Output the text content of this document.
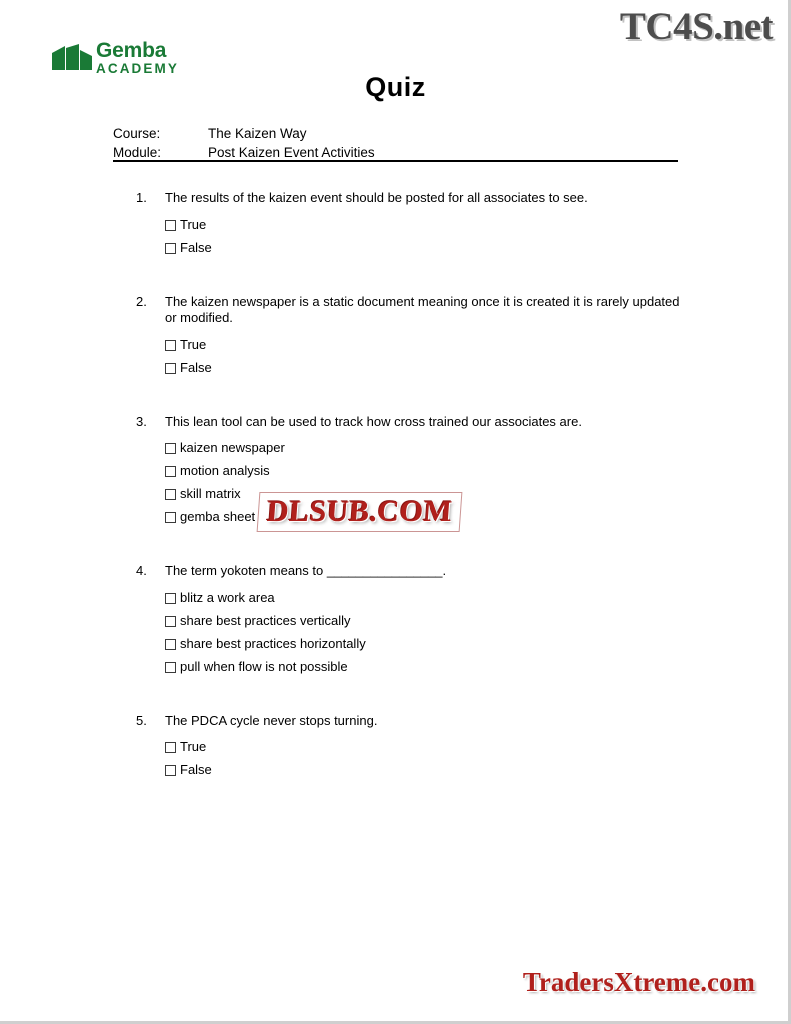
TC4S.net
Gemba
ACADEMY
Quiz
Course:	The Kaizen Way
Module:	Post Kaizen Event Activities
1. The results of the kaizen event should be posted for all associates to see.
True
False
2. The kaizen newspaper is a static document meaning once it is created it is rarely updated or modified.
True
False
3. This lean tool can be used to track how cross trained our associates are.
kaizen newspaper
motion analysis
skill matrix
gemba sheet
4. The term yokoten means to ________________.
blitz a work area
share best practices vertically
share best practices horizontally
pull when flow is not possible
5. The PDCA cycle never stops turning.
True
False
DLSUB.COM
TradersXtreme.com
